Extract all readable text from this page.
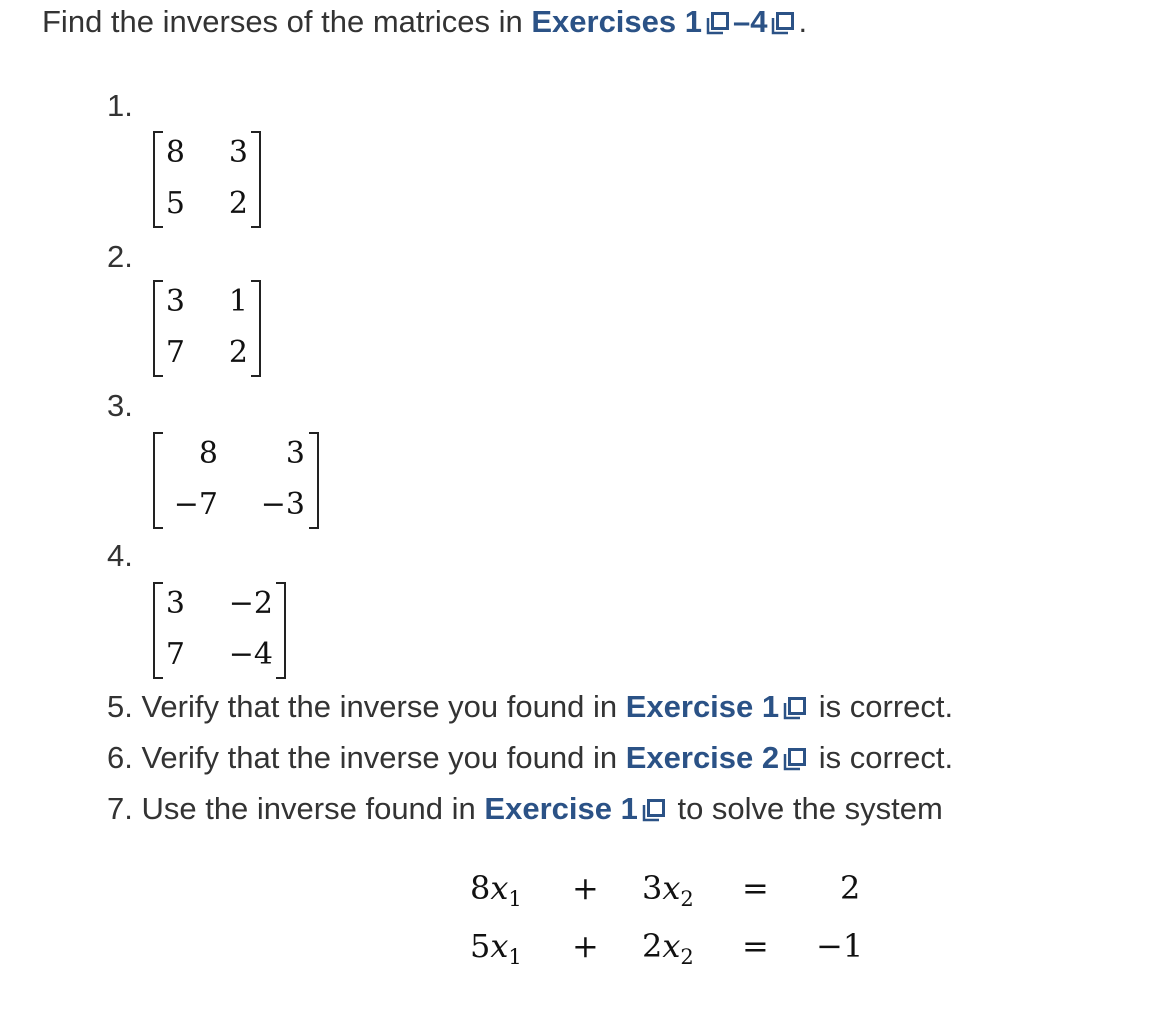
Find the inverses of the matrices in Exercises 1 –4 .
1.
8	3
5	2
2.
3	1
7	2
3.
8	3
−7	−3
4.
3	−2
7	−4
5. Verify that the inverse you found in Exercise 1 is correct.
6. Verify that the inverse you found in Exercise 2 is correct.
7. Use the inverse found in Exercise 1 to solve the system
$8x_1 + 3x_2 = 2$
$5x_1 + 2x_2 = -1$
